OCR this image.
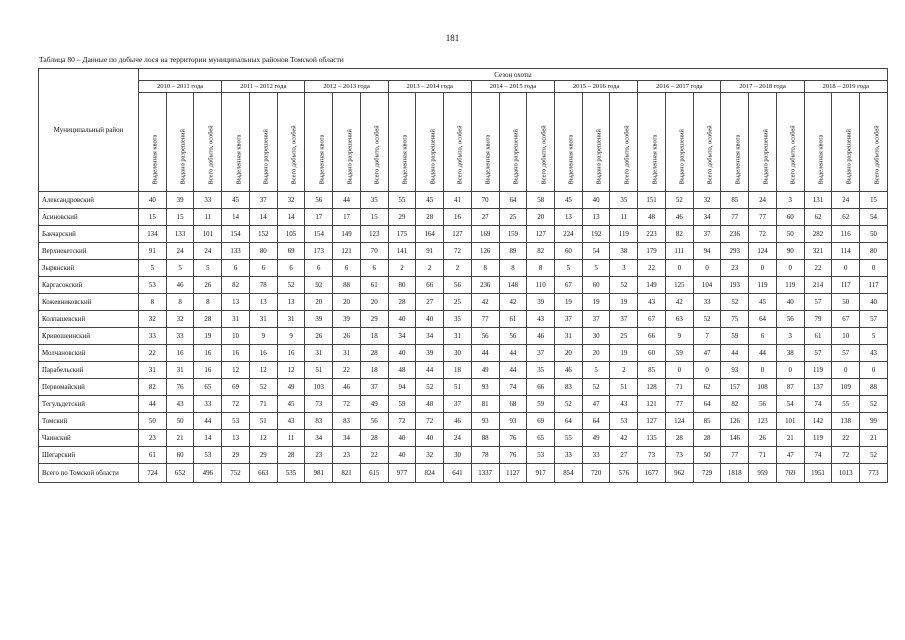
181
Таблица 80 – Данные по добыче лося на территории муниципальных районов Томской области
Муниципальный район	Сезон охоты																										
	2010 – 2011 года			2011 – 2012 года			2012 – 2013 года			2013 – 2014 года			2014 – 2015 года			2015 – 2016 года			2016 – 2017 года			2017 – 2018 года			2018 – 2019 года		

	Выделенная квота	Выдано разрешений	Всего добыто, особей	Выделенная квота	Выдано разрешений	Всего добыто, особей	Выделенная квота	Выдано разрешений	Всего добыто, особей	Выделенная квота	Выдано разрешений	Всего добыто, особей	Выделенная квота	Выдано разрешений	Всего добыто, особей	Выделенная квота	Выдано разрешений	Всего добыто, особей	Выделенная квота	Выдано разрешений	Всего добыто, особей	Выделенная квота	Выдано разрешений	Всего добыто, особей	Выделенная квота	Выдано разрешений	Всего добыто, особей

Александровский	40	39	33	45	37	32	56	44	35	55	45	41	70	64	58	45	40	35	151	52	32	85	24	3	131	24	15
Асиновский	15	15	11	14	14	14	17	17	15	29	28	16	27	25	20	13	13	11	48	46	34	77	77	60	62	62	54
Бакчарский	134	133	101	154	152	105	154	149	123	175	164	127	169	159	127	224	192	119	223	82	37	236	72	50	282	116	50
Верхнекетский	91	24	24	133	80	69	173	121	70	141	91	72	126	89	82	60	54	38	179	111	94	293	124	90	321	114	80
Зырянский	5	5	5	6	6	6	6	6	6	2	2	2	8	8	8	5	5	3	22	0	0	23	0	0	22	0	0
Каргасокский	53	46	26	82	78	52	92	88	61	80	66	56	236	148	110	67	60	52	149	125	104	193	119	119	214	117	117
Кожевниковский	8	8	8	13	13	13	20	20	20	28	27	25	42	42	39	19	19	19	43	42	33	52	45	40	57	50	40
Колпашевский	32	32	28	31	31	31	39	39	29	40	40	35	77	61	43	37	37	37	67	63	52	75	64	56	79	67	57
Кривошеинский	33	33	19	10	9	9	26	26	18	34	34	31	56	56	46	31	30	25	66	9	7	59	6	3	61	10	5
Молчановский	22	16	16	16	16	16	31	31	28	40	39	30	44	44	37	20	20	19	60	59	47	44	44	38	57	57	43
Парабельский	31	31	16	12	12	12	51	22	18	48	44	18	49	44	35	46	5	2	85	0	0	93	0	0	119	0	0
Первомайский	82	76	65	69	52	49	103	46	37	94	52	51	93	74	66	83	52	51	128	71	62	157	108	87	137	109	88
Тегульдетский	44	43	33	72	71	45	73	72	49	59	48	37	81	68	59	52	47	43	121	77	64	82	56	54	74	55	52
Томский	50	50	44	53	51	43	83	83	56	72	72	46	93	93	69	64	64	53	127	124	85	126	123	101	142	138	99
Чаинский	23	21	14	13	12	11	34	34	28	40	40	24	88	76	65	55	49	42	135	28	28	146	26	21	119	22	21
Шегарский	61	60	53	29	29	28	23	23	22	40	32	30	78	76	53	33	33	27	73	73	50	77	71	47	74	72	52
Всего по Томской области	724	652	496	752	663	535	981	821	615	977	824	641	1337	1127	917	854	720	576	1677	962	729	1818	959	769	1951	1013	773
